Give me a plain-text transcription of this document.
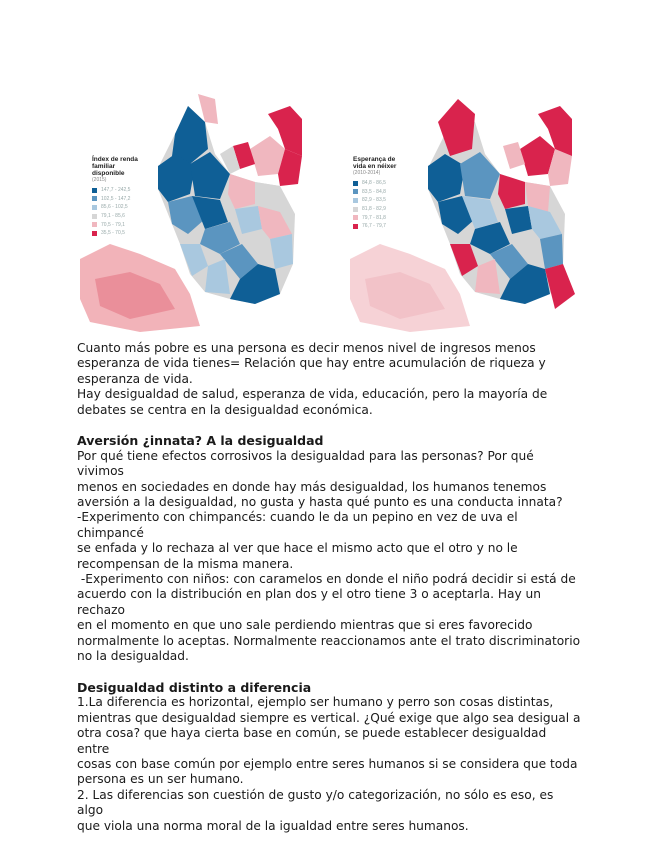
Índex de renda familiar disponible
(2015)
147,7 - 242,5
102,5 - 147,2
85,6 - 102,5
79,1 - 85,6
70,5 - 79,1
35,5 - 70,5
Esperança de vida en néixer
(2010-2014)
84,8 - 86,5
83,5 - 84,8
82,9 - 83,5
81,8 - 82,9
79,7 - 81,8
76,7 - 79,7

Cuanto más pobre es una persona es decir menos nivel de ingresos menos

esperanza de vida tienes= Relación que hay entre acumulación de riqueza y

esperanza de vida.

Hay desigualdad de salud, esperanza de vida, educación, pero la mayoría de

debates se centra en la desigualdad económica.

Aversión ¿innata? A la desigualdad

Por qué tiene efectos corrosivos la desigualdad para las personas? Por qué vivimos

menos en sociedades en donde hay más desigualdad, los humanos tenemos

aversión a la desigualdad, no gusta y hasta qué punto es una conducta innata?

-Experimento con chimpancés: cuando le da un pepino en vez de uva el chimpancé

se enfada y lo rechaza al ver que hace el mismo acto que el otro y no le

recompensan de la misma manera.

-Experimento con niños: con caramelos en donde el niño podrá decidir si está de

acuerdo con la distribución en plan dos y el otro tiene 3 o aceptarla. Hay un rechazo

en el momento en que uno sale perdiendo mientras que si eres favorecido

normalmente lo aceptas. Normalmente reaccionamos ante el trato discriminatorio

no la desigualdad.

Desigualdad distinto a diferencia

1.La diferencia es horizontal, ejemplo ser humano y perro son cosas distintas,

mientras que desigualdad siempre es vertical. ¿Qué exige que algo sea desigual a

otra cosa? que haya cierta base en común, se puede establecer desigualdad entre

cosas con base común por ejemplo entre seres humanos si se considera que toda

persona es un ser humano.

2. Las diferencias son cuestión de gusto y/o categorización, no sólo es eso, es algo

que viola una norma moral de la igualdad entre seres humanos.
